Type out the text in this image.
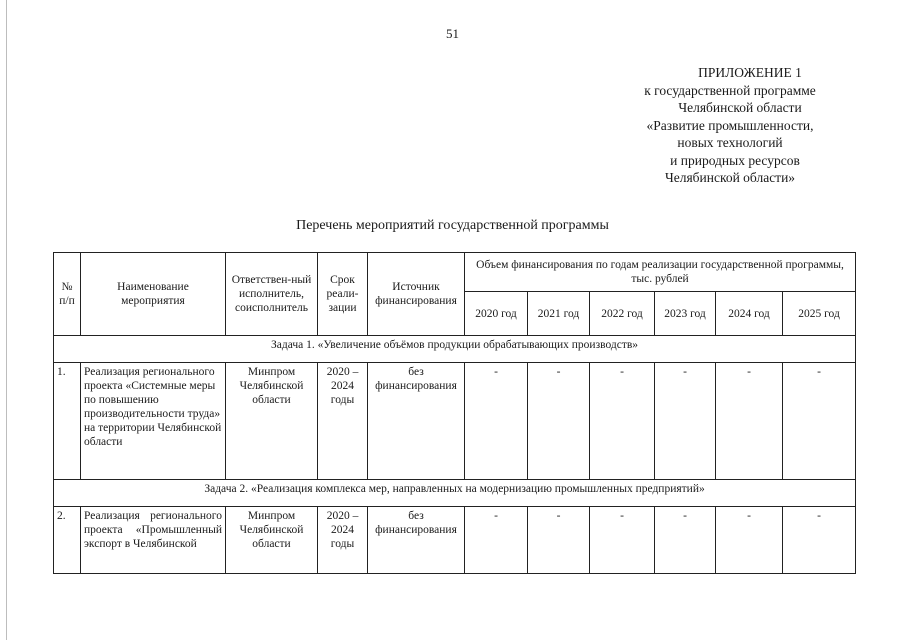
51
ПРИЛОЖЕНИЕ 1
к государственной программе
Челябинской области
«Развитие промышленности,
новых технологий
и природных ресурсов
Челябинской области»
Перечень мероприятий государственной программы
№ п/п	Наименование мероприятия	Ответствен-ный исполнитель, соисполнитель	Срок реали-зации	Источник финансирования	Объем финансирования по годам реализации государственной программы, тыс. рублей					
					2020 год	2021 год	2022 год	2023 год	2024 год	2025 год
Задача 1. «Увеличение объёмов продукции обрабатывающих производств»										
1.	Реализация регионального проекта «Системные меры по повышению производительности труда» на территории Челябинской области	Минпром Челябинской области	2020 – 2024 годы	без финансирования	-	-	-	-	-	-
Задача 2. «Реализация комплекса мер, направленных на модернизацию промышленных предприятий»										
2.	Реализация регионального проекта «Промышленный экспорт в Челябинской	Минпром Челябинской области	2020 – 2024 годы	без финансирования	-	-	-	-	-	-
